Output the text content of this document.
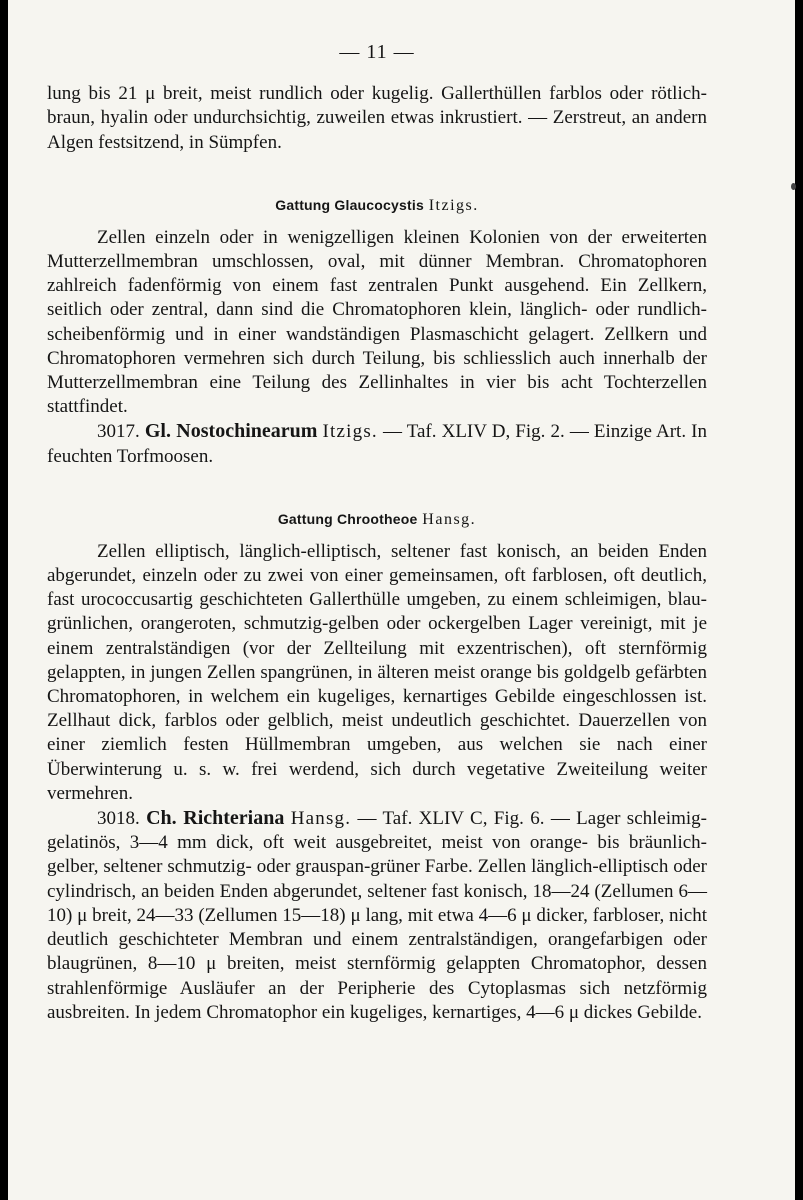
— 11 —

lung bis 21 μ breit, meist rundlich oder kugelig. Gallerthüllen farblos oder rötlich-braun, hyalin oder undurchsichtig, zuweilen etwas inkrustiert. — Zerstreut, an andern Algen festsitzend, in Sümpfen.

Gattung Glaucocystis Itzigs.

Zellen einzeln oder in wenigzelligen kleinen Kolonien von der erweiterten Mutterzellmembran umschlossen, oval, mit dünner Membran. Chromatophoren zahlreich fadenförmig von einem fast zentralen Punkt ausgehend. Ein Zellkern, seitlich oder zentral, dann sind die Chromatophoren klein, länglich- oder rundlich-scheibenförmig und in einer wandständigen Plasmaschicht gelagert. Zellkern und Chromatophoren vermehren sich durch Teilung, bis schliesslich auch innerhalb der Mutterzellmembran eine Teilung des Zellinhaltes in vier bis acht Tochterzellen stattfindet.

3017. Gl. Nostochinearum Itzigs. — Taf. XLIV D, Fig. 2. — Einzige Art. In feuchten Torfmoosen.

Gattung Chrootheoe Hansg.

Zellen elliptisch, länglich-elliptisch, seltener fast konisch, an beiden Enden abgerundet, einzeln oder zu zwei von einer gemeinsamen, oft farblosen, oft deutlich, fast urococcusartig geschichteten Gallerthülle umgeben, zu einem schleimigen, blau-grünlichen, orangeroten, schmutzig-gelben oder ockergelben Lager vereinigt, mit je einem zentralständigen (vor der Zellteilung mit exzentrischen), oft sternförmig gelappten, in jungen Zellen spangrünen, in älteren meist orange bis goldgelb gefärbten Chromatophoren, in welchem ein kugeliges, kernartiges Gebilde eingeschlossen ist. Zellhaut dick, farblos oder gelblich, meist undeutlich geschichtet. Dauerzellen von einer ziemlich festen Hüllmembran umgeben, aus welchen sie nach einer Überwinterung u. s. w. frei werdend, sich durch vegetative Zweiteilung weiter vermehren.

3018. Ch. Richteriana Hansg. — Taf. XLIV C, Fig. 6. — Lager schleimig-gelatinös, 3—4 mm dick, oft weit ausgebreitet, meist von orange- bis bräunlich-gelber, seltener schmutzig- oder grauspan-grüner Farbe. Zellen länglich-elliptisch oder cylindrisch, an beiden Enden abgerundet, seltener fast konisch, 18—24 (Zellumen 6—10) μ breit, 24—33 (Zellumen 15—18) μ lang, mit etwa 4—6 μ dicker, farbloser, nicht deutlich geschichteter Membran und einem zentralständigen, orangefarbigen oder blaugrünen, 8—10 μ breiten, meist sternförmig gelappten Chromatophor, dessen strahlenförmige Ausläufer an der Peripherie des Cytoplasmas sich netzförmig ausbreiten. In jedem Chromatophor ein kugeliges, kernartiges, 4—6 μ dickes Gebilde.
